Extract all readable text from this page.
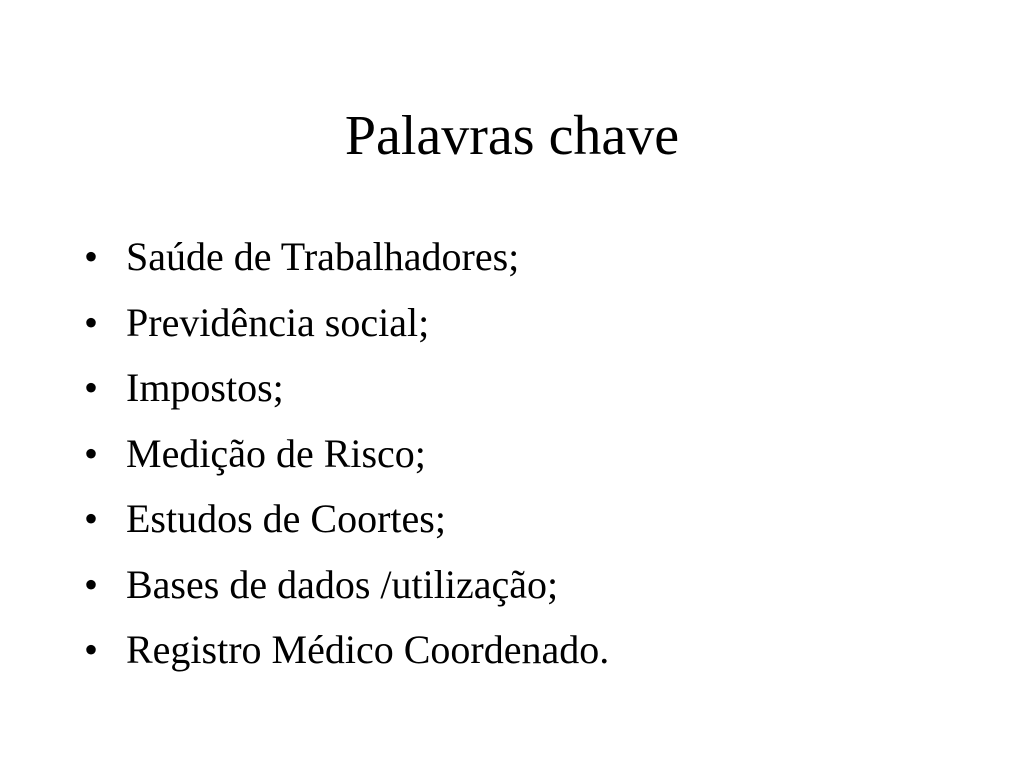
Palavras chave
• Saúde de Trabalhadores;
• Previdência social;
• Impostos;
• Medição de Risco;
• Estudos de Coortes;
• Bases de dados /utilização;
• Registro Médico Coordenado.
